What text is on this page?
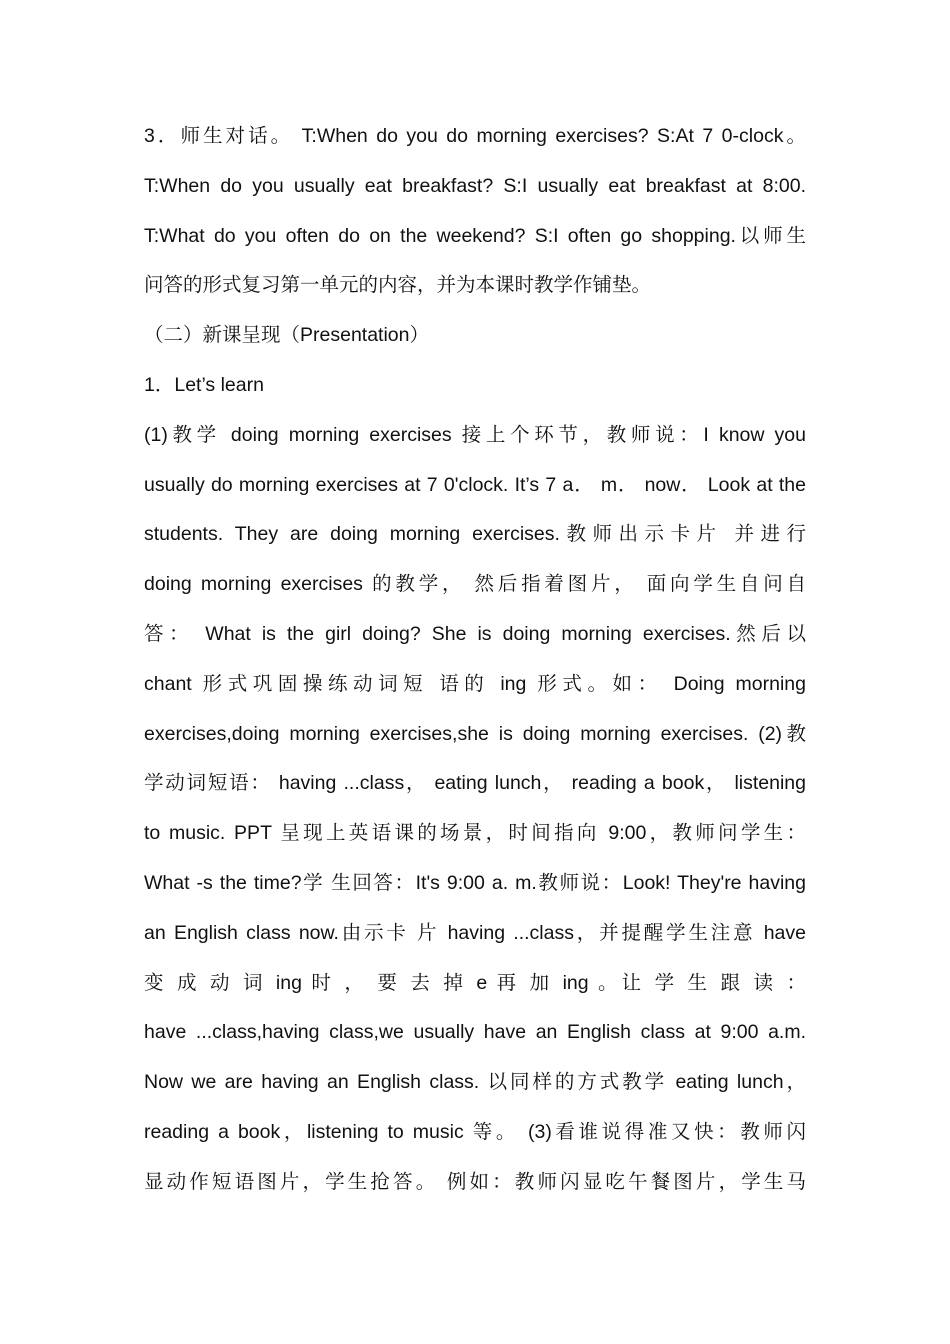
3．师生对话。 T:When do you do morning exercises? S:At 7 0-clock。
T:When do you usually eat breakfast? S:I usually eat breakfast at 8:00.
T:What do you often do on the weekend? S:I often go shopping.以师生
问答的形式复习第一单元的内容，并为本课时教学作铺垫。
（二）新课呈现（Presentation）
1．Let’s learn
(1)教学 doing morning exercises 接上个环节，教师说：I know you
usually do morning exercises at 7 0'clock. It’s 7 a． m． now． Look at the
students. They are doing morning exercises.教师出示卡片 并进行
doing morning exercises 的教学， 然后指着图片， 面向学生自问自
答： What is the girl doing? She is doing morning exercises.然后以
chant 形式巩固操练动词短 语的 ing 形式。如： Doing morning
exercises,doing morning exercises,she is doing morning exercises. (2)教
学动词短语： having ...class， eating lunch， reading a book， listening
to music. PPT 呈现上英语课的场景，时间指向 9:00，教师问学生：
What -s the time?学 生回答：It's 9:00 a. m.教师说：Look! They're having
an English class now.由示卡 片 having ...class，并提醒学生注意 have
变 成 动 词 ing 时 ， 要 去 掉 e 再 加 ing 。让 学 生 跟 读 ：
have ...class,having class,we usually have an English class at 9:00 a.m.
Now we are having an English class. 以同样的方式教学 eating lunch，
reading a book，listening to music 等。 (3)看谁说得准又快：教师闪
显动作短语图片，学生抢答。 例如：教师闪显吃午餐图片，学生马
